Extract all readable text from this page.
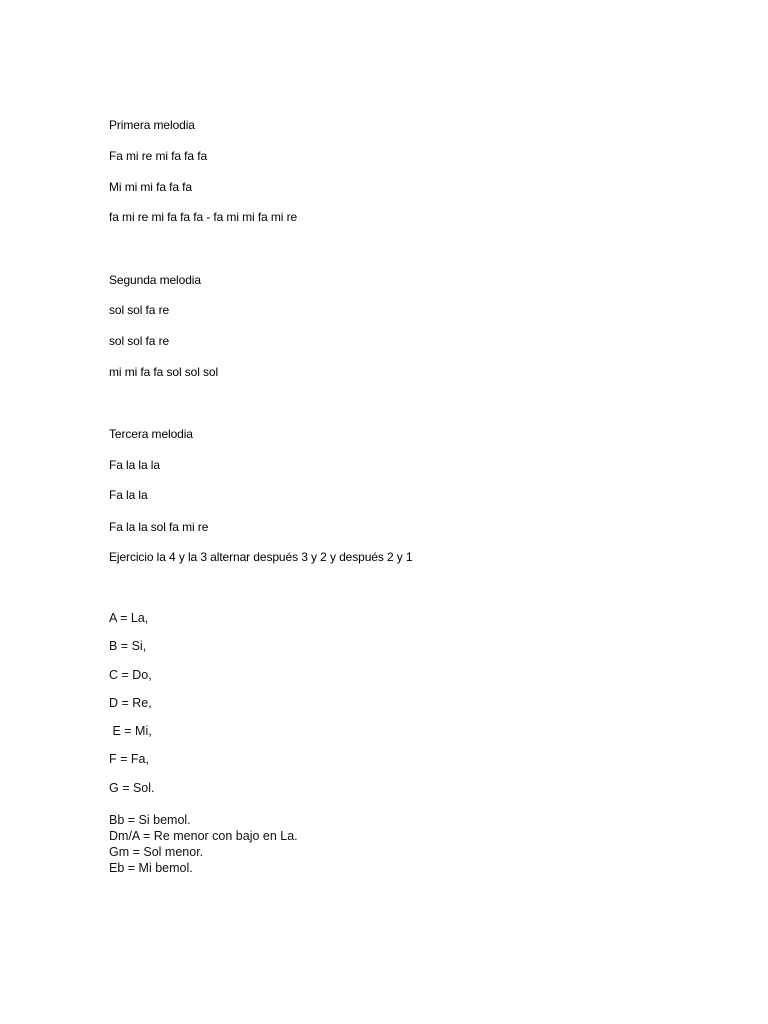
Primera melodia
Fa mi re mi fa fa fa
Mi mi mi fa fa fa
fa mi re mi fa fa fa - fa mi mi fa mi re
Segunda melodia
sol sol fa re
sol sol fa re
mi mi fa fa sol sol sol
Tercera melodia
Fa la la la
Fa la la
Fa la la sol fa mi re
Ejercicio la 4 y la 3 alternar después 3 y 2 y después 2 y 1
A = La,
B = Si,
C = Do,
D = Re,
E = Mi,
F = Fa,
G = Sol.
Bb = Si bemol.
Dm/A = Re menor con bajo en La.
Gm = Sol menor.
Eb = Mi bemol.
